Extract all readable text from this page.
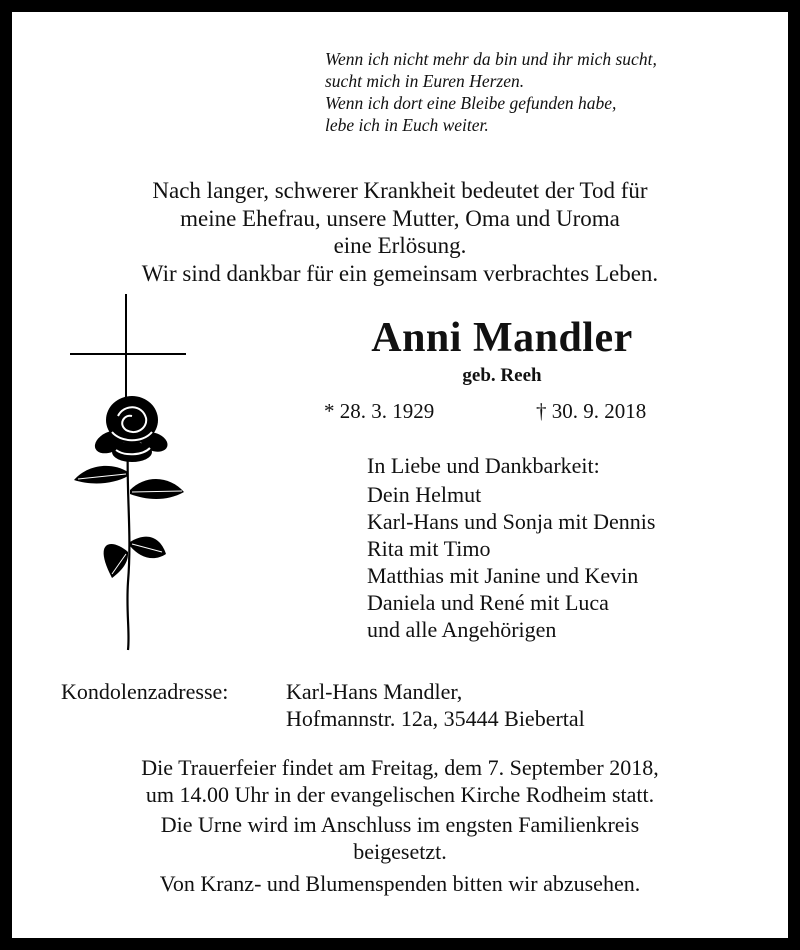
Wenn ich nicht mehr da bin und ihr mich sucht,
sucht mich in Euren Herzen.
Wenn ich dort eine Bleibe gefunden habe,
lebe ich in Euch weiter.
Nach langer, schwerer Krankheit bedeutet der Tod für
meine Ehefrau, unsere Mutter, Oma und Uroma
eine Erlösung.
Wir sind dankbar für ein gemeinsam verbrachtes Leben.
Anni Mandler
geb. Reeh
* 28. 3. 1929	† 30. 9. 2018
In Liebe und Dankbarkeit:
Dein Helmut
Karl-Hans und Sonja mit Dennis
Rita mit Timo
Matthias mit Janine und Kevin
Daniela und René mit Luca
und alle Angehörigen
Kondolenzadresse:	Karl-Hans Mandler,
Hofmannstr. 12a, 35444 Biebertal
Die Trauerfeier findet am Freitag, dem 7. September 2018,
um 14.00 Uhr in der evangelischen Kirche Rodheim statt.
Die Urne wird im Anschluss im engsten Familienkreis
beigesetzt.
Von Kranz- und Blumenspenden bitten wir abzusehen.
